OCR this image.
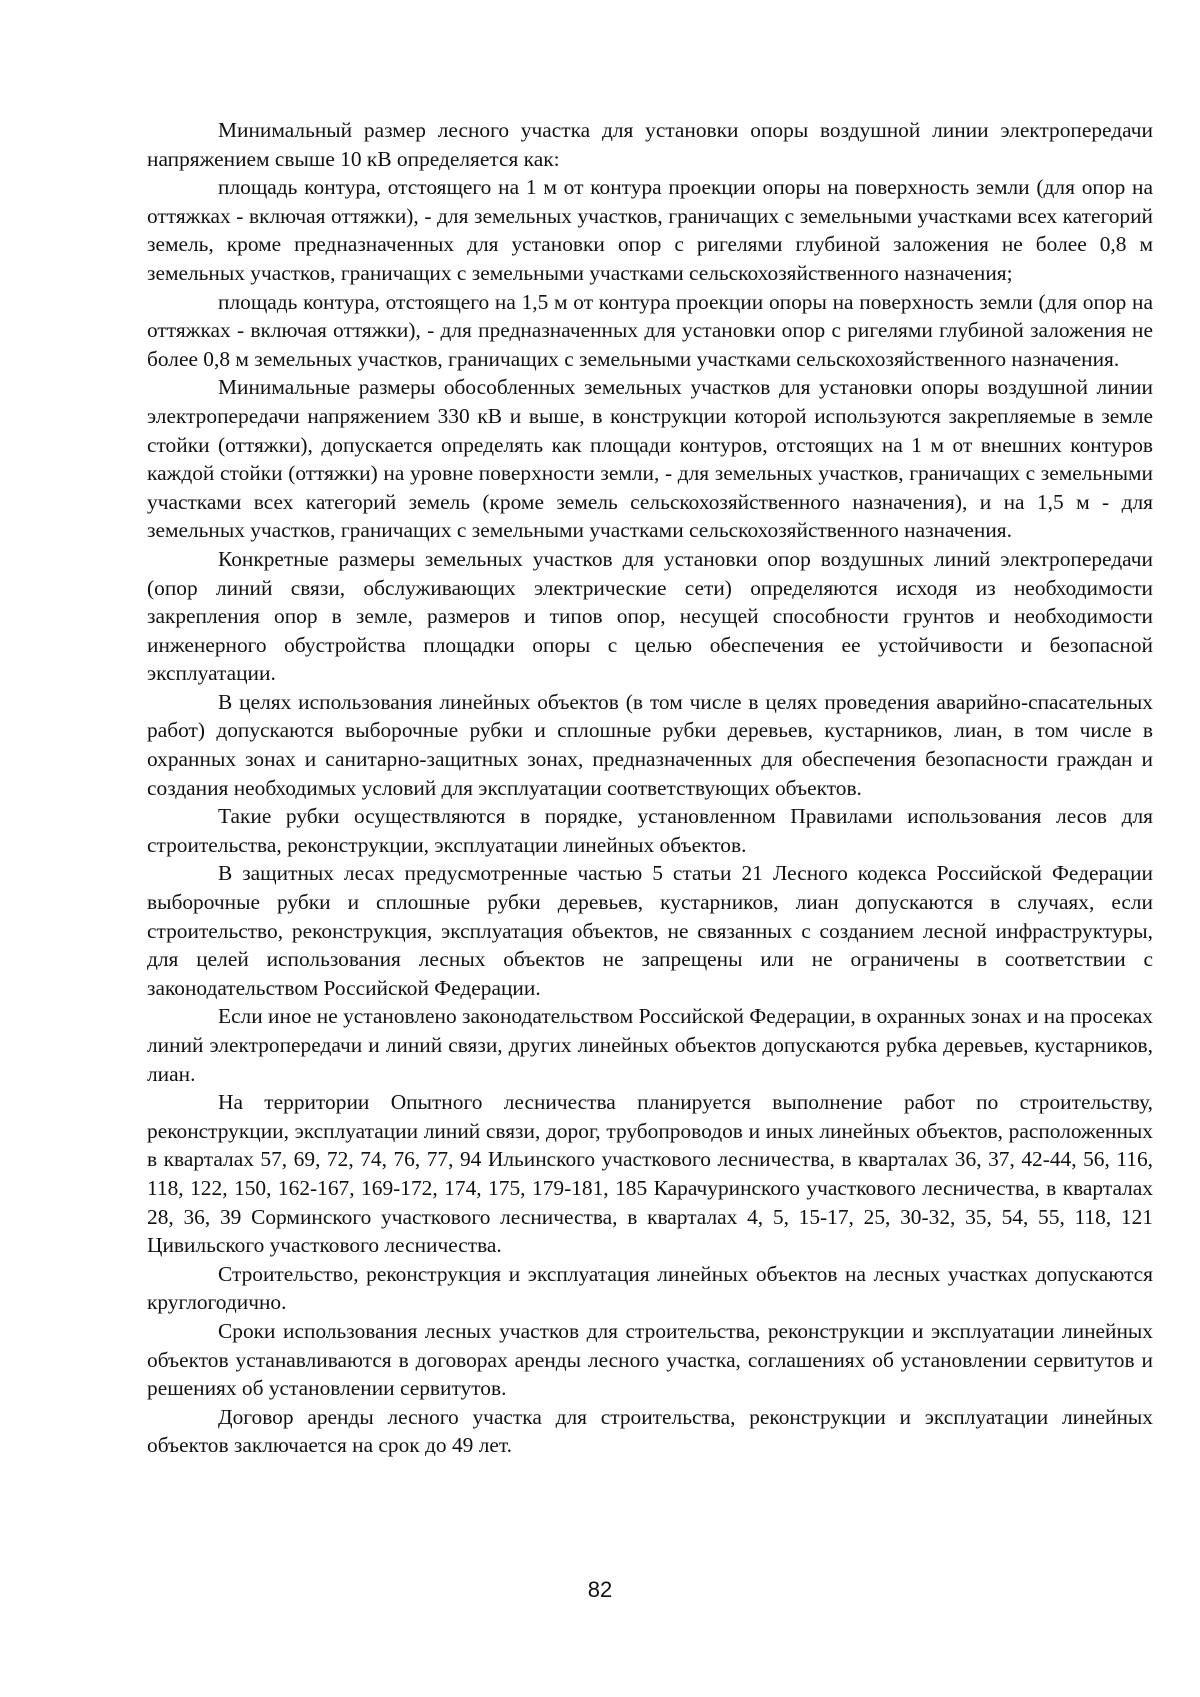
Минимальный размер лесного участка для установки опоры воздушной линии электропередачи напряжением свыше 10 кВ определяется как:

площадь контура, отстоящего на 1 м от контура проекции опоры на поверхность земли (для опор на оттяжках - включая оттяжки), - для земельных участков, граничащих с земельными участками всех категорий земель, кроме предназначенных для установки опор с ригелями глубиной заложения не более 0,8 м земельных участков, граничащих с земельными участками сельскохозяйственного назначения;

площадь контура, отстоящего на 1,5 м от контура проекции опоры на поверхность земли (для опор на оттяжках - включая оттяжки), - для предназначенных для установки опор с ригелями глубиной заложения не более 0,8 м земельных участков, граничащих с земельными участками сельскохозяйственного назначения.

Минимальные размеры обособленных земельных участков для установки опоры воздушной линии электропередачи напряжением 330 кВ и выше, в конструкции которой используются закрепляемые в земле стойки (оттяжки), допускается определять как площади контуров, отстоящих на 1 м от внешних контуров каждой стойки (оттяжки) на уровне поверхности земли, - для земельных участков, граничащих с земельными участками всех категорий земель (кроме земель сельскохозяйственного назначения), и на 1,5 м - для земельных участков, граничащих с земельными участками сельскохозяйственного назначения.

Конкретные размеры земельных участков для установки опор воздушных линий электропередачи (опор линий связи, обслуживающих электрические сети) определяются исходя из необходимости закрепления опор в земле, размеров и типов опор, несущей способности грунтов и необходимости инженерного обустройства площадки опоры с целью обеспечения ее устойчивости и безопасной эксплуатации.

В целях использования линейных объектов (в том числе в целях проведения аварийно-спасательных работ) допускаются выборочные рубки и сплошные рубки деревьев, кустарников, лиан, в том числе в охранных зонах и санитарно-защитных зонах, предназначенных для обеспечения безопасности граждан и создания необходимых условий для эксплуатации соответствующих объектов.

Такие рубки осуществляются в порядке, установленном Правилами использования лесов для строительства, реконструкции, эксплуатации линейных объектов.

В защитных лесах предусмотренные частью 5 статьи 21 Лесного кодекса Российской Федерации выборочные рубки и сплошные рубки деревьев, кустарников, лиан допускаются в случаях, если строительство, реконструкция, эксплуатация объектов, не связанных с созданием лесной инфраструктуры, для целей использования лесных объектов не запрещены или не ограничены в соответствии с законодательством Российской Федерации.

Если иное не установлено законодательством Российской Федерации, в охранных зонах и на просеках линий электропередачи и линий связи, других линейных объектов допускаются рубка деревьев, кустарников, лиан.

На территории Опытного лесничества планируется выполнение работ по строительству, реконструкции, эксплуатации линий связи, дорог, трубопроводов и иных линейных объектов, расположенных в кварталах 57, 69, 72, 74, 76, 77, 94 Ильинского участкового лесничества, в кварталах 36, 37, 42-44, 56, 116, 118, 122, 150, 162-167, 169-172, 174, 175, 179-181, 185 Карачуринского участкового лесничества, в кварталах 28, 36, 39 Сорминского участкового лесничества, в кварталах 4, 5, 15-17, 25, 30-32, 35, 54, 55, 118, 121 Цивильского участкового лесничества.

Строительство, реконструкция и эксплуатация линейных объектов на лесных участках допускаются круглогодично.

Сроки использования лесных участков для строительства, реконструкции и эксплуатации линейных объектов устанавливаются в договорах аренды лесного участка, соглашениях об установлении сервитутов и решениях об установлении сервитутов.

Договор аренды лесного участка для строительства, реконструкции и эксплуатации линейных объектов заключается на срок до 49 лет.

82
